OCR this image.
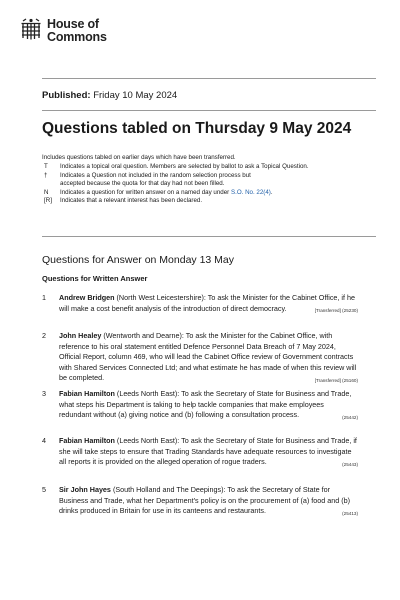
House of
Commons
Published: Friday 10 May 2024
Questions tabled on Thursday 9 May 2024
Includes questions tabled on earlier days which have been transferred.
T	Indicates a topical oral question. Members are selected by ballot to ask a Topical Question.
†	Indicates a Question not included in the random selection process but accepted because the quota for that day had not been filled.
N	Indicates a question for written answer on a named day under S.O. No. 22(4).
[R]	Indicates that a relevant interest has been declared.
Questions for Answer on Monday 13 May
Questions for Written Answer
1	Andrew Bridgen (North West Leicestershire): To ask the Minister for the Cabinet Office, if he will make a cost benefit analysis of the introduction of direct democracy.	[Transferred] (25230)
2	John Healey (Wentworth and Dearne): To ask the Minister for the Cabinet Office, with reference to his oral statement entitled Defence Personnel Data Breach of 7 May 2024, Official Report, column 469, who will lead the Cabinet Office review of Government contracts with Shared Services Connected Ltd; and what estimate he has made of when this review will be completed.	[Transferred] (25160)
3	Fabian Hamilton (Leeds North East): To ask the Secretary of State for Business and Trade, what steps his Department is taking to help tackle companies that make employees redundant without (a) giving notice and (b) following a consultation process.	(25442)
4	Fabian Hamilton (Leeds North East): To ask the Secretary of State for Business and Trade, if she will take steps to ensure that Trading Standards have adequate resources to investigate all reports it is provided on the alleged operation of rogue traders.	(25443)
5	Sir John Hayes (South Holland and The Deepings): To ask the Secretary of State for Business and Trade, what her Department's policy is on the procurement of (a) food and (b) drinks produced in Britain for use in its canteens and restaurants.	(25413)
